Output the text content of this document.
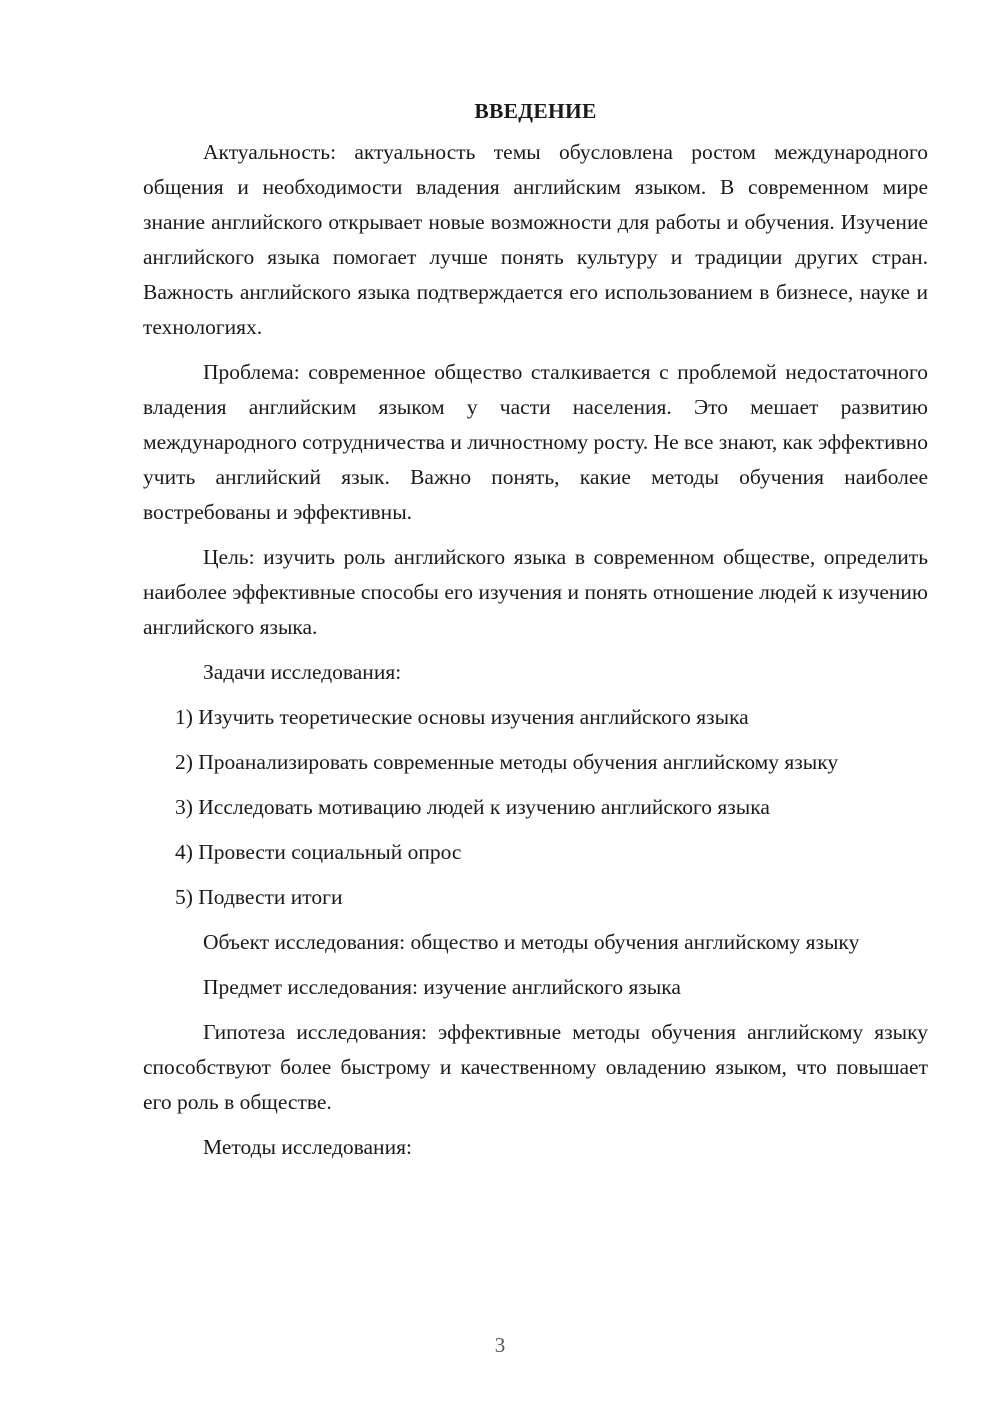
ВВЕДЕНИЕ

Актуальность: актуальность темы обусловлена ростом международного общения и необходимости владения английским языком. В современном мире знание английского открывает новые возможности для работы и обучения. Изучение английского языка помогает лучше понять культуру и традиции других стран. Важность английского языка подтверждается его использованием в бизнесе, науке и технологиях.

Проблема: современное общество сталкивается с проблемой недостаточного владения английским языком у части населения. Это мешает развитию международного сотрудничества и личностному росту. Не все знают, как эффективно учить английский язык. Важно понять, какие методы обучения наиболее востребованы и эффективны.

Цель: изучить роль английского языка в современном обществе, определить наиболее эффективные способы его изучения и понять отношение людей к изучению английского языка.

Задачи исследования:

1) Изучить теоретические основы изучения английского языка
2) Проанализировать современные методы обучения английскому языку
3) Исследовать мотивацию людей к изучению английского языка
4) Провести социальный опрос
5) Подвести итоги

Объект исследования: общество и методы обучения английскому языку

Предмет исследования: изучение английского языка

Гипотеза исследования: эффективные методы обучения английскому языку способствуют более быстрому и качественному овладению языком, что повышает его роль в обществе.

Методы исследования:

3
